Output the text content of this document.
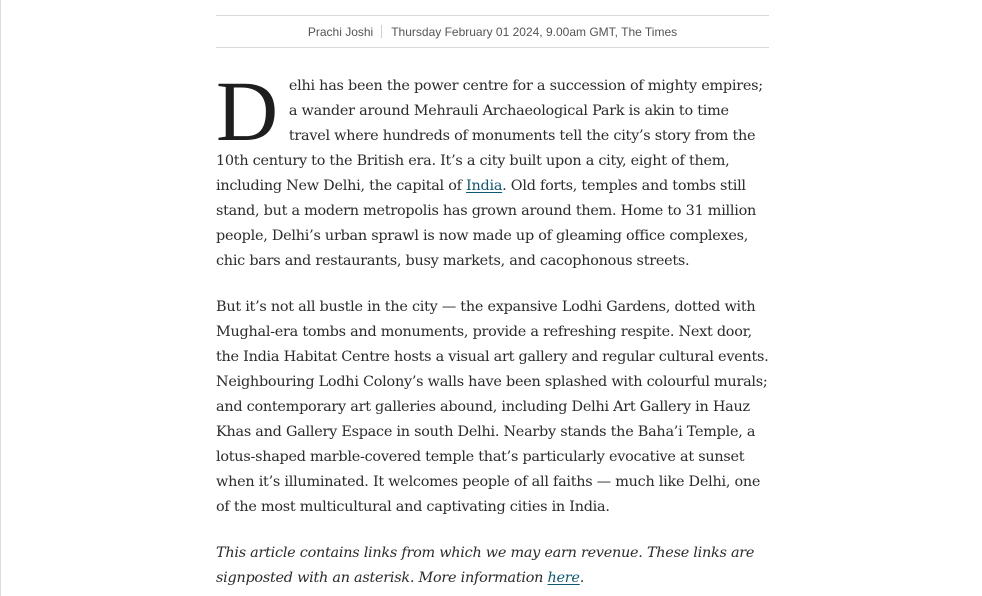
Prachi Joshi	Thursday February 01 2024, 9.00am GMT, The Times

Delhi has been the power centre for a succession of mighty empires; a wander around Mehrauli Archaeological Park is akin to time travel where hundreds of monuments tell the city’s story from the 10th century to the British era. It’s a city built upon a city, eight of them, including New Delhi, the capital of India. Old forts, temples and tombs still stand, but a modern metropolis has grown around them. Home to 31 million people, Delhi’s urban sprawl is now made up of gleaming office complexes, chic bars and restaurants, busy markets, and cacophonous streets.

But it’s not all bustle in the city — the expansive Lodhi Gardens, dotted with Mughal-era tombs and monuments, provide a refreshing respite. Next door, the India Habitat Centre hosts a visual art gallery and regular cultural events. Neighbouring Lodhi Colony’s walls have been splashed with colourful murals; and contemporary art galleries abound, including Delhi Art Gallery in Hauz Khas and Gallery Espace in south Delhi. Nearby stands the Baha’i Temple, a lotus-shaped marble-covered temple that’s particularly evocative at sunset when it’s illuminated. It welcomes people of all faiths — much like Delhi, one of the most multicultural and captivating cities in India.

This article contains links from which we may earn revenue. These links are signposted with an asterisk. More information here.
